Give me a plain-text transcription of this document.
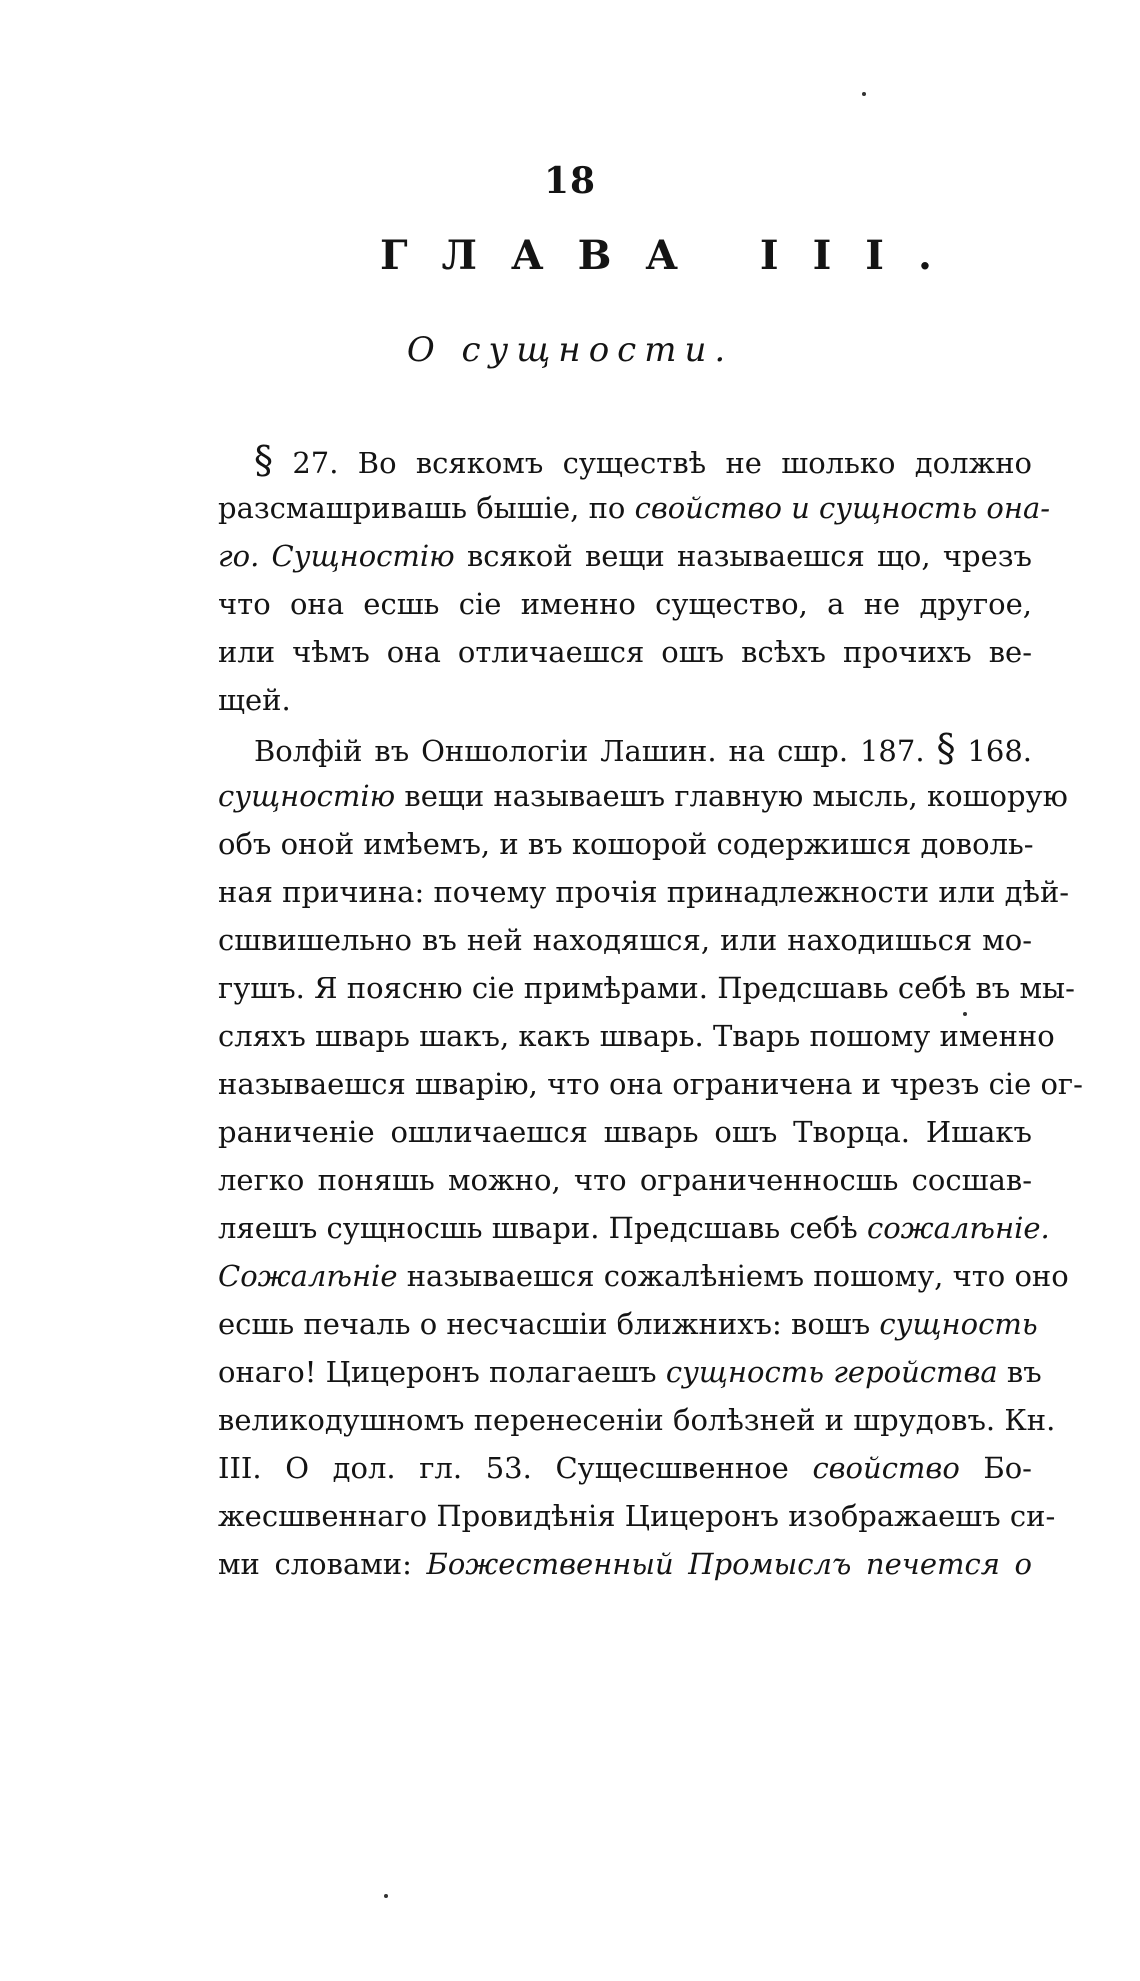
18
ГЛАВА III.
О сущности.
§ 27. Во всякомъ существѣ не шолько должно
разсмашривашь бышіе, по свойство и сущность она-
го. Сущностію всякой вещи называешся що, чрезъ
что она есшь сіе именно существо, а не другое,
или чѣмъ она отличаешся ошъ всѣхъ прочихъ ве-
щей.
Волфій въ Оншологіи Лашин. на сшр. 187. § 168.
сущностію вещи называешъ главную мысль, кошорую
объ оной имѣемъ, и въ кошорой содержишся доволь-
ная причина: почему прочія принадлежности или дѣй-
сшвишельно въ ней находяшся, или находишься мо-
гушъ. Я поясню сіе примѣрами. Предсшавь себѣ въ мы-
сляхъ шварь шакъ, какъ шварь. Тварь пошому именно
называешся шварію, что она ограничена и чрезъ сіе ог-
раниченіе ошличаешся шварь ошъ Творца. Ишакъ
легко поняшь можно, что ограниченносшь сосшав-
ляешъ сущносшь швари. Предсшавь себѣ сожалѣніе.
Сожалѣніе называешся сожалѣніемъ пошому, что оно
есшь печаль о несчасшіи ближнихъ: вошъ сущность
онаго! Цицеронъ полагаешъ сущность геройства въ
великодушномъ перенесеніи болѣзней и шрудовъ. Кн.
III. О дол. гл. 53. Сущесшвенное свойство Бо-
жесшвеннаго Провидѣнія Цицеронъ изображаешъ си-
ми словами: Божественный Промыслъ печется о
